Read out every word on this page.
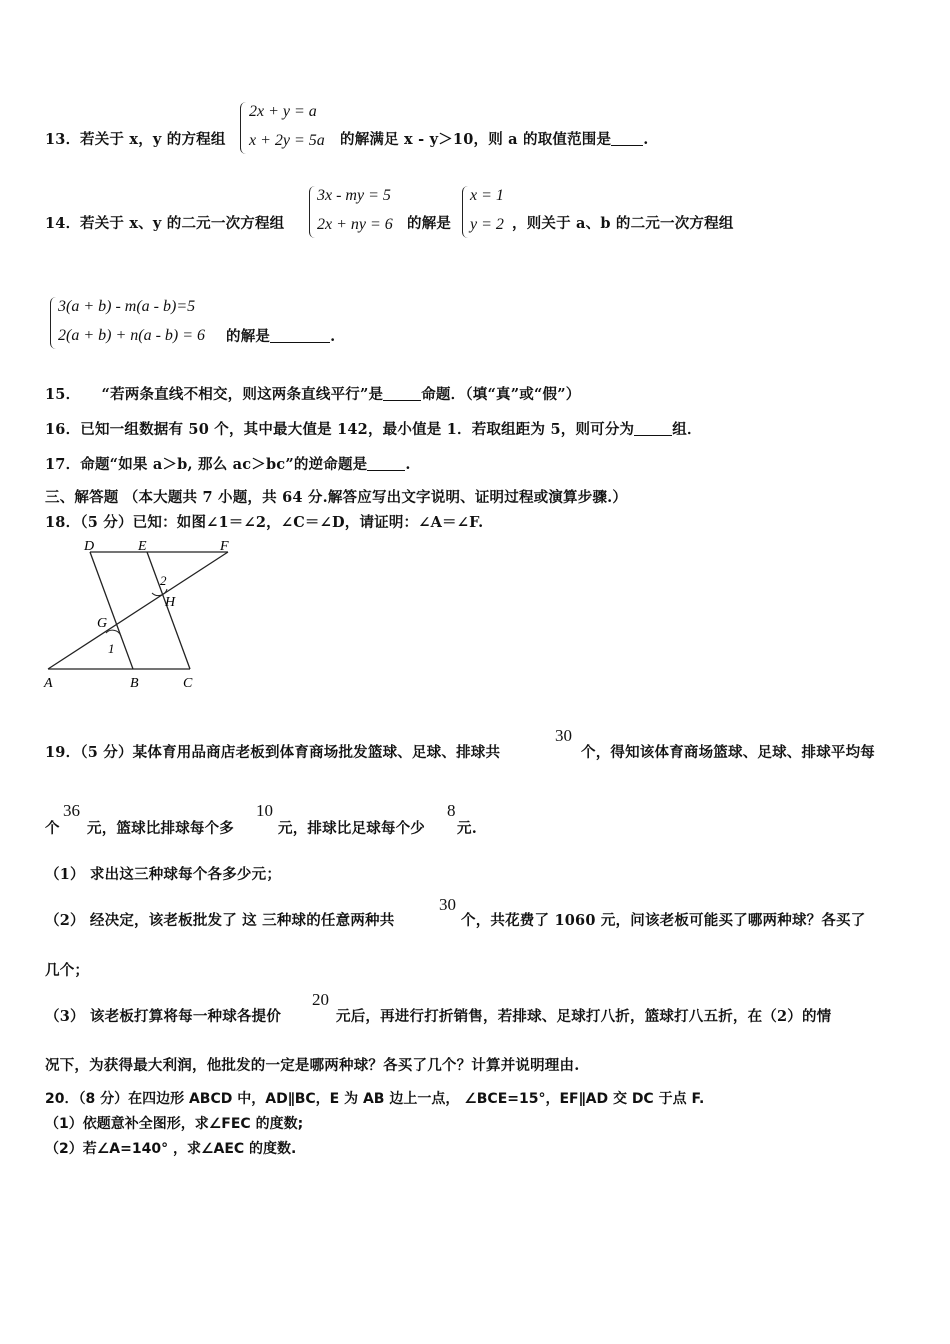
13． 若关于 x，y 的方程组
2x + y = a
x + 2y = 5a 的解满足 x - y＞10，则 a 的取值范围是 .
14． 若关于 x、y 的二元一次方程组
3x - my = 5
2x + ny = 6 的解是
x = 1
y = 2 ，则关于 a、b 的二元一次方程组
3(a + b) - m(a - b)=5
2(a + b) + n(a - b) = 6 的解是	.
15． “若两条直线不相交，则这两条直线平行”是	命题．（填“真”或“假”）
16．已知一组数据有 50 个，其中最大值是 142，最小值是 1．若取组距为 5，则可分为	组．
17．命题“如果 a＞b, 那么 ac＞bc”的逆命题是	.
三、解答题 （本大题共 7 小题，共 64 分.解答应写出文字说明、证明过程或演算步骤.）
18．（5 分）已知：如图∠1＝∠2，∠C＝∠D，请证明：∠A＝∠F.
D	E	F
A	B	C
G
H
1
2
19．（5 分）某体育用品商店老板到体育商场批发篮球、足球、排球共
30
个，得知该体育商场篮球、足球、排球平均每
个
36
元，篮球比排球每个多
10
元，排球比足球每个少
8
元.
（1） 求出这三种球每个各多少元；
（2） 经决定，该老板批发了 这 三种球的任意两种共
30
个，共花费了 1060 元，问该老板可能买了哪两种球？各买了
几个；
（3） 该老板打算将每一种球各提价
20
元后，再进行打折销售，若排球、足球打八折，篮球打八五折，在（2）的情
况下，为获得最大利润，他批发的一定是哪两种球？各买了几个？计算并说明理由.
20．（8 分）在四边形 ABCD 中，AD∥BC，E 为 AB 边上一点， ∠BCE=15°，EF∥AD 交 DC 于点 F.
（1）依题意补全图形，求∠FEC 的度数;
（2）若∠A=140° ，求∠AEC 的度数.
